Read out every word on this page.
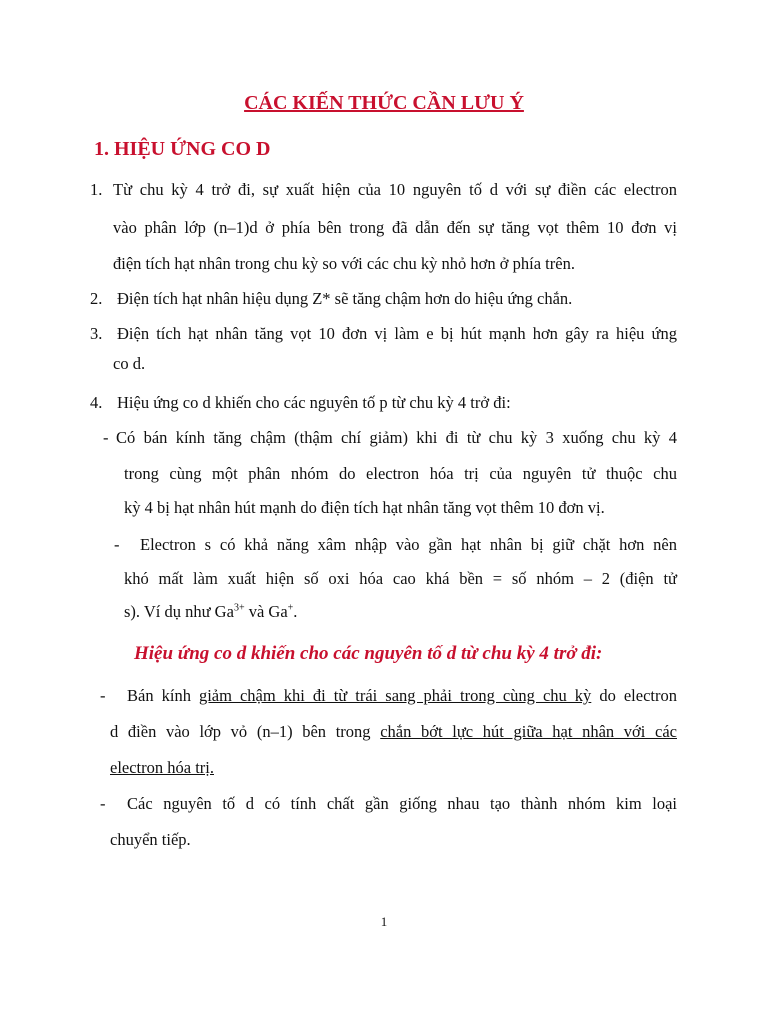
CÁC KIẾN THỨC CẦN LƯU Ý
1. HIỆU ỨNG CO D
1. Từ chu kỳ 4 trở đi, sự xuất hiện của 10 nguyên tố d với sự điền các electron
vào phân lớp (n–1)d ở phía bên trong đã dẫn đến sự tăng vọt thêm 10 đơn vị
điện tích hạt nhân trong chu kỳ so với các chu kỳ nhỏ hơn ở phía trên.
2. Điện tích hạt nhân hiệu dụng Z* sẽ tăng chậm hơn do hiệu ứng chắn.
3. Điện tích hạt nhân tăng vọt 10 đơn vị làm e bị hút mạnh hơn gây ra hiệu ứng
co d.
4. Hiệu ứng co d khiến cho các nguyên tố p từ chu kỳ 4 trở đi:
- Có bán kính tăng chậm (thậm chí giảm) khi đi từ chu kỳ 3 xuống chu kỳ 4
trong cùng một phân nhóm do electron hóa trị của nguyên tử thuộc chu
kỳ 4 bị hạt nhân hút mạnh do điện tích hạt nhân tăng vọt thêm 10 đơn vị.
- Electron s có khả năng xâm nhập vào gần hạt nhân bị giữ chặt hơn nên
khó mất làm xuất hiện số oxi hóa cao khá bền = số nhóm – 2 (điện tử
s). Ví dụ như $Ga^{3+}$ và Ga+.
Hiệu ứng co d khiến cho các nguyên tố d từ chu kỳ 4 trở đi:
- Bán kính giảm chậm khi đi từ trái sang phải trong cùng chu kỳ do electron
d điền vào lớp vỏ (n–1) bên trong chắn bớt lực hút giữa hạt nhân với các
electron hóa trị.
- Các nguyên tố d có tính chất gần giống nhau tạo thành nhóm kim loại
chuyển tiếp.
1
